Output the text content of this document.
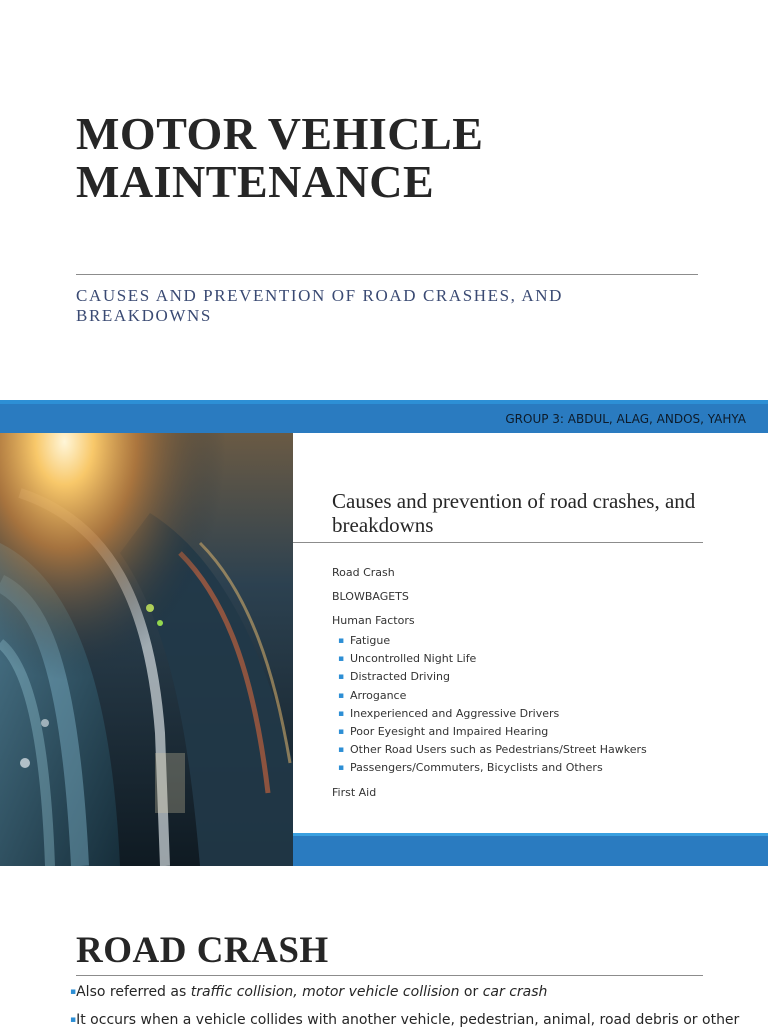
MOTOR VEHICLE
MAINTENANCE
CAUSES AND PREVENTION OF ROAD CRASHES, AND BREAKDOWNS
GROUP 3: ABDUL, ALAG, ANDOS, YAHYA
Causes and prevention of road crashes, and breakdowns
Road Crash
BLOWBAGETS
Human Factors
▪ Fatigue
▪ Uncontrolled Night Life
▪ Distracted Driving
▪ Arrogance
▪ Inexperienced and Aggressive Drivers
▪ Poor Eyesight and Impaired Hearing
▪ Other Road Users such as Pedestrians/Street Hawkers
▪ Passengers/Commuters, Bicyclists and Others
First Aid
ROAD CRASH
▪Also referred as traffic collision, motor vehicle collision or car crash
▪It occurs when a vehicle collides with another vehicle, pedestrian, animal, road debris or other
